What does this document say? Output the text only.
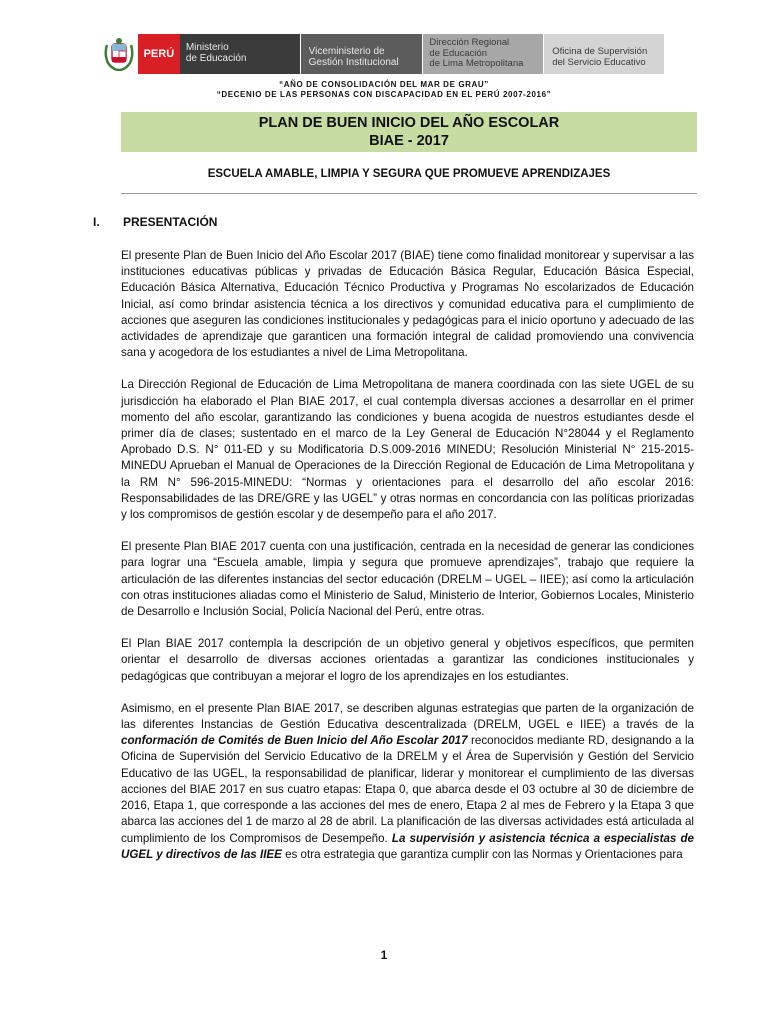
PERÚ
Ministerio
de Educación
Viceministerio de
Gestión Institucional
Dirección Regional
de Educación
de Lima Metropolitana
Oficina de Supervisión
del Servicio Educativo
“AÑO DE CONSOLIDACIÓN DEL MAR DE GRAU”
“DECENIO DE LAS PERSONAS CON DISCAPACIDAD EN EL PERÚ 2007-2016”
PLAN DE BUEN INICIO DEL AÑO ESCOLAR
BIAE - 2017
ESCUELA AMABLE, LIMPIA Y SEGURA QUE PROMUEVE APRENDIZAJES
I.	PRESENTACIÓN

El presente Plan de Buen Inicio del Año Escolar 2017 (BIAE) tiene como finalidad monitorear y supervisar a las instituciones educativas públicas y privadas de Educación Básica Regular, Educación Básica Especial, Educación Básica Alternativa, Educación Técnico Productiva y Programas No escolarizados de Educación Inicial, así como brindar asistencia técnica a los directivos y comunidad educativa para el cumplimiento de acciones que aseguren las condiciones institucionales y pedagógicas para el inicio oportuno y adecuado de las actividades de aprendizaje que garanticen una formación integral de calidad promoviendo una convivencia sana y acogedora de los estudiantes a nivel de Lima Metropolitana.

La Dirección Regional de Educación de Lima Metropolitana de manera coordinada con las siete UGEL de su jurisdicción ha elaborado el Plan BIAE 2017, el cual contempla diversas acciones a desarrollar en el primer momento del año escolar, garantizando las condiciones y buena acogida de nuestros estudiantes desde el primer día de clases; sustentado en el marco de la Ley General de Educación N°28044 y el Reglamento Aprobado D.S. N° 011-ED y su Modificatoria D.S.009-2016 MINEDU; Resolución Ministerial N° 215-2015-MINEDU Aprueban el Manual de Operaciones de la Dirección Regional de Educación de Lima Metropolitana y la RM N° 596-2015-MINEDU: “Normas y orientaciones para el desarrollo del año escolar 2016: Responsabilidades de las DRE/GRE y las UGEL” y otras normas en concordancia con las políticas priorizadas y los compromisos de gestión escolar y de desempeño para el año 2017.

El presente Plan BIAE 2017 cuenta con una justificación, centrada en la necesidad de generar las condiciones para lograr una “Escuela amable, limpia y segura que promueve aprendizajes”, trabajo que requiere la articulación de las diferentes instancias del sector educación (DRELM – UGEL – IIEE); así como la articulación con otras instituciones aliadas como el Ministerio de Salud, Ministerio de Interior, Gobiernos Locales, Ministerio de Desarrollo e Inclusión Social, Policía Nacional del Perú, entre otras.

El Plan BIAE 2017 contempla la descripción de un objetivo general y objetivos específicos, que permiten orientar el desarrollo de diversas acciones orientadas a garantizar las condiciones institucionales y pedagógicas que contribuyan a mejorar el logro de los aprendizajes en los estudiantes.

Asimismo, en el presente Plan BIAE 2017, se describen algunas estrategias que parten de la organización de las diferentes Instancias de Gestión Educativa descentralizada (DRELM, UGEL e IIEE) a través de la conformación de Comités de Buen Inicio del Año Escolar 2017 reconocidos mediante RD, designando a la Oficina de Supervisión del Servicio Educativo de la DRELM y el Área de Supervisión y Gestión del Servicio Educativo de las UGEL, la responsabilidad de planificar, liderar y monitorear el cumplimiento de las diversas acciones del BIAE 2017 en sus cuatro etapas: Etapa 0, que abarca desde el 03 octubre al 30 de diciembre de 2016, Etapa 1, que corresponde a las acciones del mes de enero, Etapa 2 al mes de Febrero y la Etapa 3 que abarca las acciones del 1 de marzo al 28 de abril. La planificación de las diversas actividades está articulada al cumplimiento de los Compromisos de Desempeño. La supervisión y asistencia técnica a especialistas de UGEL y directivos de las IIEE es otra estrategia que garantiza cumplir con las Normas y Orientaciones para

1
